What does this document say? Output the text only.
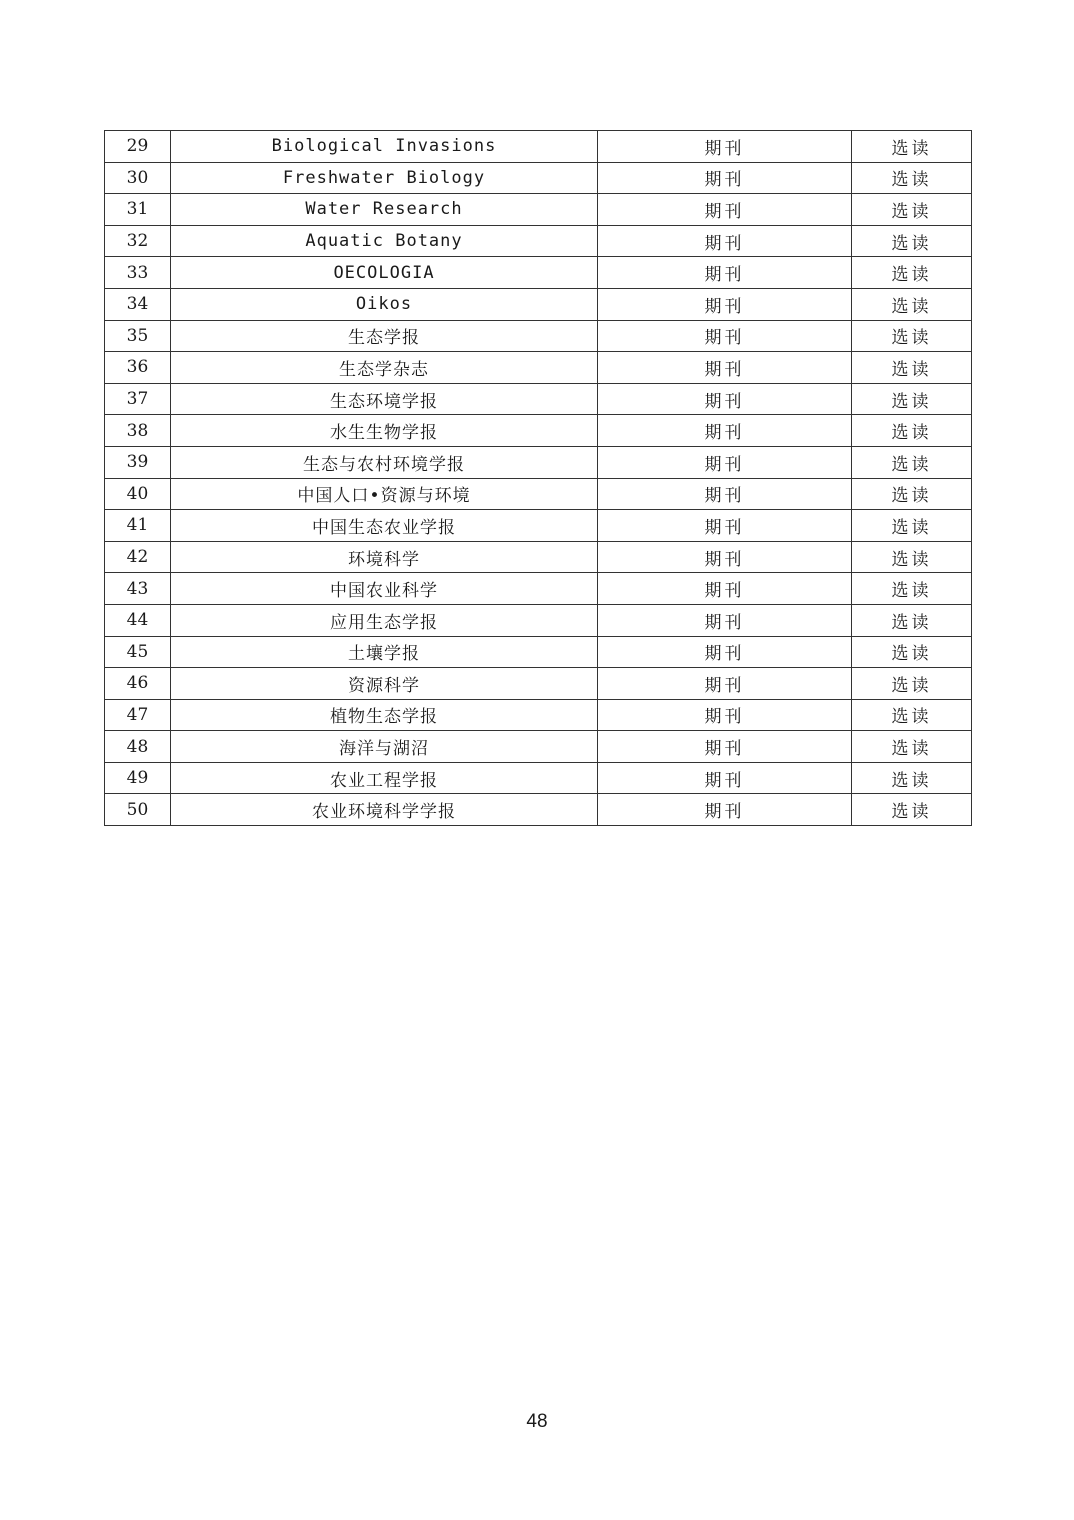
29	Biological Invasions	期刊	选读
30	Freshwater Biology	期刊	选读
31	Water Research	期刊	选读
32	Aquatic Botany	期刊	选读
33	OECOLOGIA	期刊	选读
34	Oikos	期刊	选读
35	生态学报	期刊	选读
36	生态学杂志	期刊	选读
37	生态环境学报	期刊	选读
38	水生生物学报	期刊	选读
39	生态与农村环境学报	期刊	选读
40	中国人口•资源与环境	期刊	选读
41	中国生态农业学报	期刊	选读
42	环境科学	期刊	选读
43	中国农业科学	期刊	选读
44	应用生态学报	期刊	选读
45	土壤学报	期刊	选读
46	资源科学	期刊	选读
47	植物生态学报	期刊	选读
48	海洋与湖沼	期刊	选读
49	农业工程学报	期刊	选读
50	农业环境科学学报	期刊	选读
48
